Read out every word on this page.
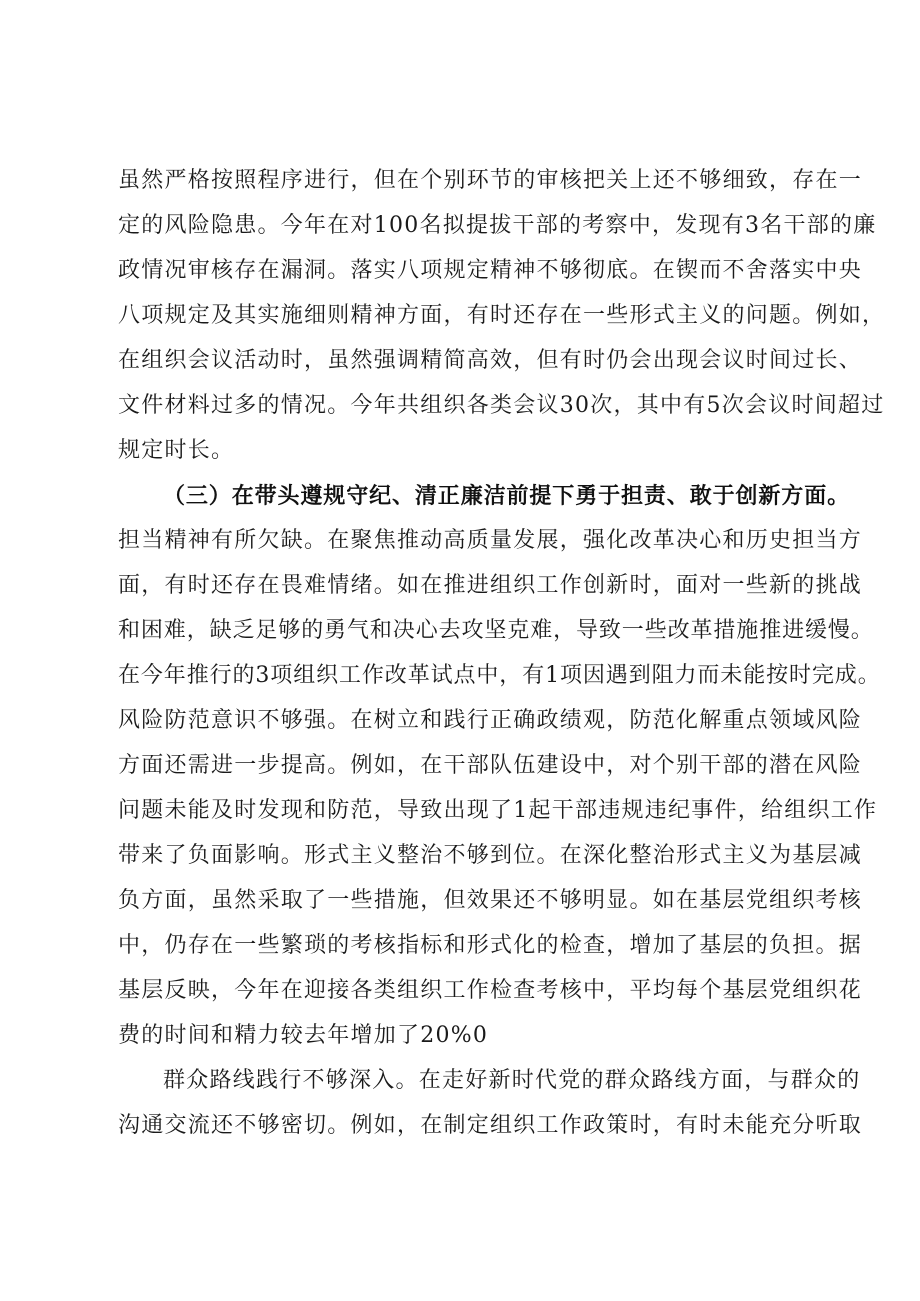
虽然严格按照程序进行，但在个别环节的审核把关上还不够细致，存在一
定的风险隐患。今年在对100名拟提拔干部的考察中，发现有3名干部的廉
政情况审核存在漏洞。落实八项规定精神不够彻底。在锲而不舍落实中央
八项规定及其实施细则精神方面，有时还存在一些形式主义的问题。例如，
在组织会议活动时，虽然强调精简高效，但有时仍会出现会议时间过长、
文件材料过多的情况。今年共组织各类会议30次，其中有5次会议时间超过
规定时长。
（三）在带头遵规守纪、清正廉洁前提下勇于担责、敢于创新方面。
担当精神有所欠缺。在聚焦推动高质量发展，强化改革决心和历史担当方
面，有时还存在畏难情绪。如在推进组织工作创新时，面对一些新的挑战
和困难，缺乏足够的勇气和决心去攻坚克难，导致一些改革措施推进缓慢。
在今年推行的3项组织工作改革试点中，有1项因遇到阻力而未能按时完成。
风险防范意识不够强。在树立和践行正确政绩观，防范化解重点领域风险
方面还需进一步提高。例如，在干部队伍建设中，对个别干部的潜在风险
问题未能及时发现和防范，导致出现了1起干部违规违纪事件，给组织工作
带来了负面影响。形式主义整治不够到位。在深化整治形式主义为基层减
负方面，虽然采取了一些措施，但效果还不够明显。如在基层党组织考核
中，仍存在一些繁琐的考核指标和形式化的检查，增加了基层的负担。据
基层反映，今年在迎接各类组织工作检查考核中，平均每个基层党组织花
费的时间和精力较去年增加了20%0
群众路线践行不够深入。在走好新时代党的群众路线方面，与群众的
沟通交流还不够密切。例如，在制定组织工作政策时，有时未能充分听取
